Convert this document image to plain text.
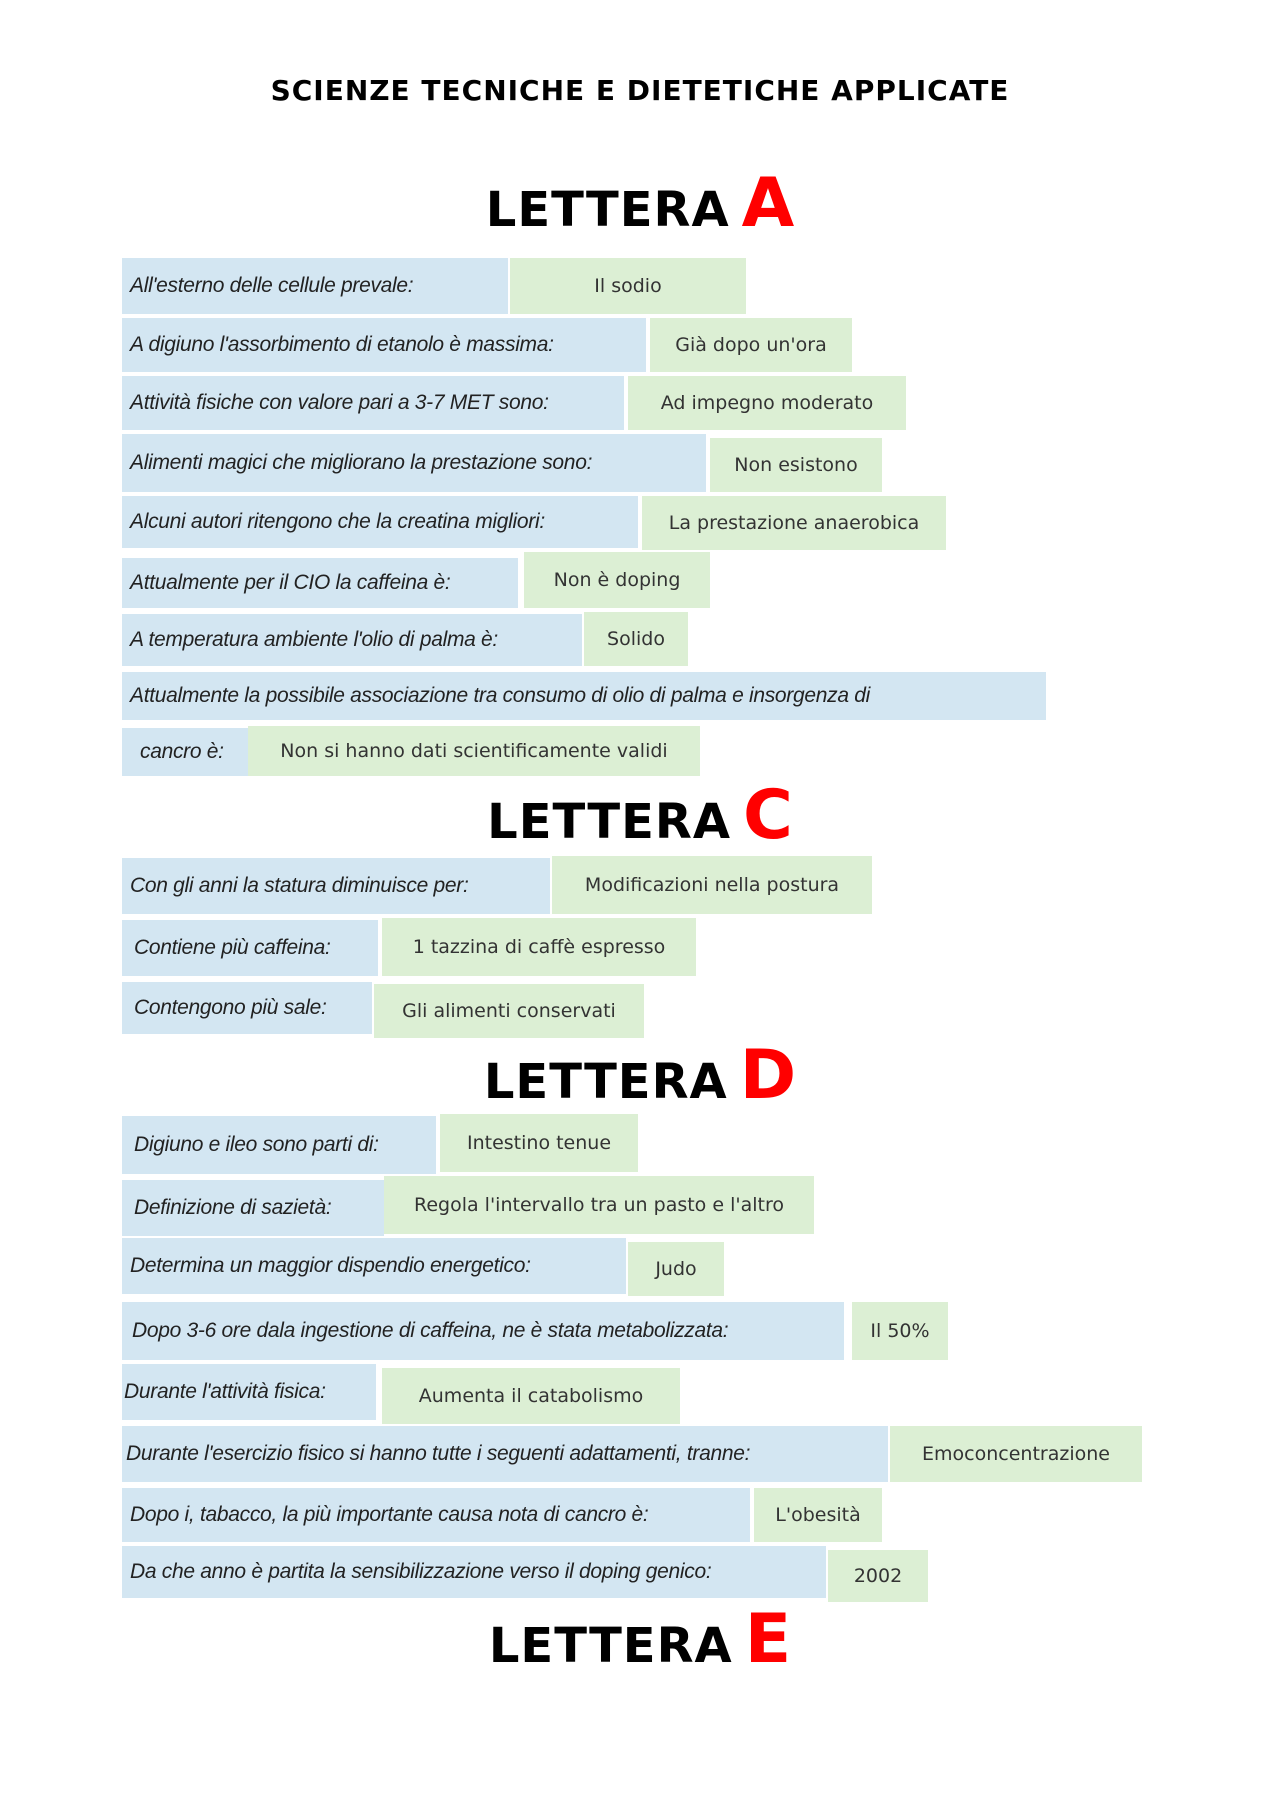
SCIENZE TECNICHE E DIETETICHE APPLICATE
LETTERA A
All'esterno delle cellule prevale:	Il sodio
A digiuno l'assorbimento di etanolo è massima:	Già dopo un'ora
Attività fisiche con valore pari a 3-7 MET sono:	Ad impegno moderato
Alimenti magici che migliorano la prestazione sono:	Non esistono
Alcuni autori ritengono che la creatina migliori:	La prestazione anaerobica
Attualmente per il CIO la caffeina è:	Non è doping
A temperatura ambiente l'olio di palma è:	Solido
Attualmente la possibile associazione tra consumo di olio di palma e insorgenza di
cancro è:	Non si hanno dati scientificamente validi
LETTERA C
Con gli anni la statura diminuisce per:	Modificazioni nella postura
Contiene più caffeina:	1 tazzina di caffè espresso
Contengono più sale:	Gli alimenti conservati
LETTERA D
Digiuno e ileo sono parti di:	Intestino tenue
Definizione di sazietà:	Regola l'intervallo tra un pasto e l'altro
Determina un maggior dispendio energetico:	Judo
Dopo 3-6 ore dala ingestione di caffeina, ne è stata metabolizzata:	Il 50%
Durante l'attività fisica:	Aumenta il catabolismo
Durante l'esercizio fisico si hanno tutte i seguenti adattamenti, tranne:	Emoconcentrazione
Dopo i, tabacco, la più importante causa nota di cancro è:	L'obesità
Da che anno è partita la sensibilizzazione verso il doping genico:	2002
LETTERA E
